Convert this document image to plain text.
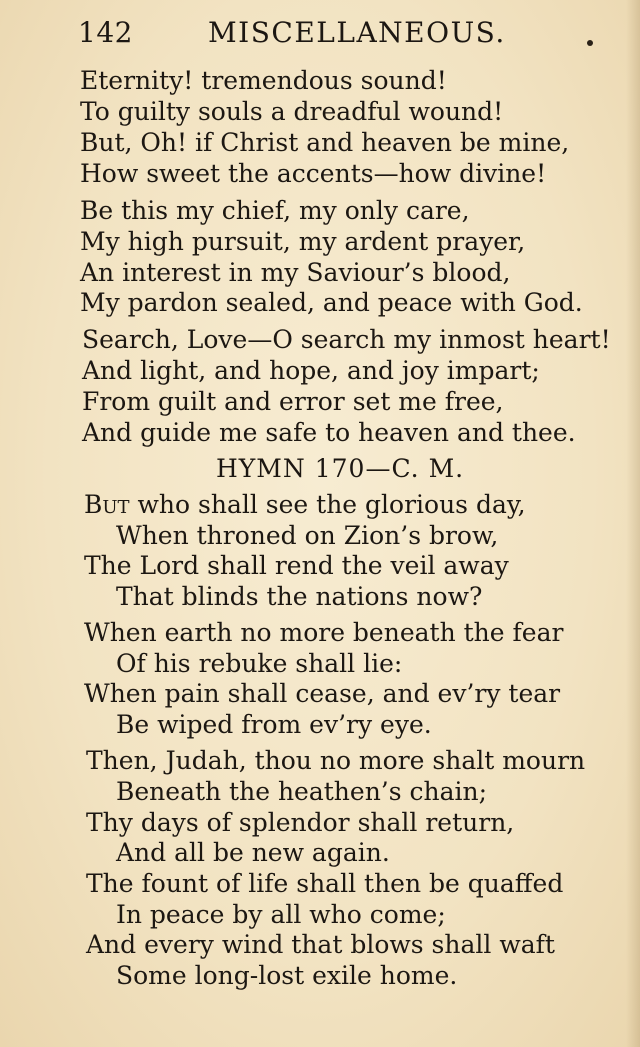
142	MISCELLANEOUS.
Eternity! tremendous sound!
To guilty souls a dreadful wound!
But, Oh! if Christ and heaven be mine,
How sweet the accents—how divine!
Be this my chief, my only care,
My high pursuit, my ardent prayer,
An interest in my Saviour’s blood,
My pardon sealed, and peace with God.
Search, Love—O search my inmost heart!
And light, and hope, and joy impart;
From guilt and error set me free,
And guide me safe to heaven and thee.
HYMN 170—C. M.
But who shall see the glorious day,
When throned on Zion’s brow,
The Lord shall rend the veil away
That blinds the nations now?
When earth no more beneath the fear
Of his rebuke shall lie:
When pain shall cease, and ev’ry tear
Be wiped from ev’ry eye.
Then, Judah, thou no more shalt mourn
Beneath the heathen’s chain;
Thy days of splendor shall return,
And all be new again.
The fount of life shall then be quaffed
In peace by all who come;
And every wind that blows shall waft
Some long-lost exile home.
